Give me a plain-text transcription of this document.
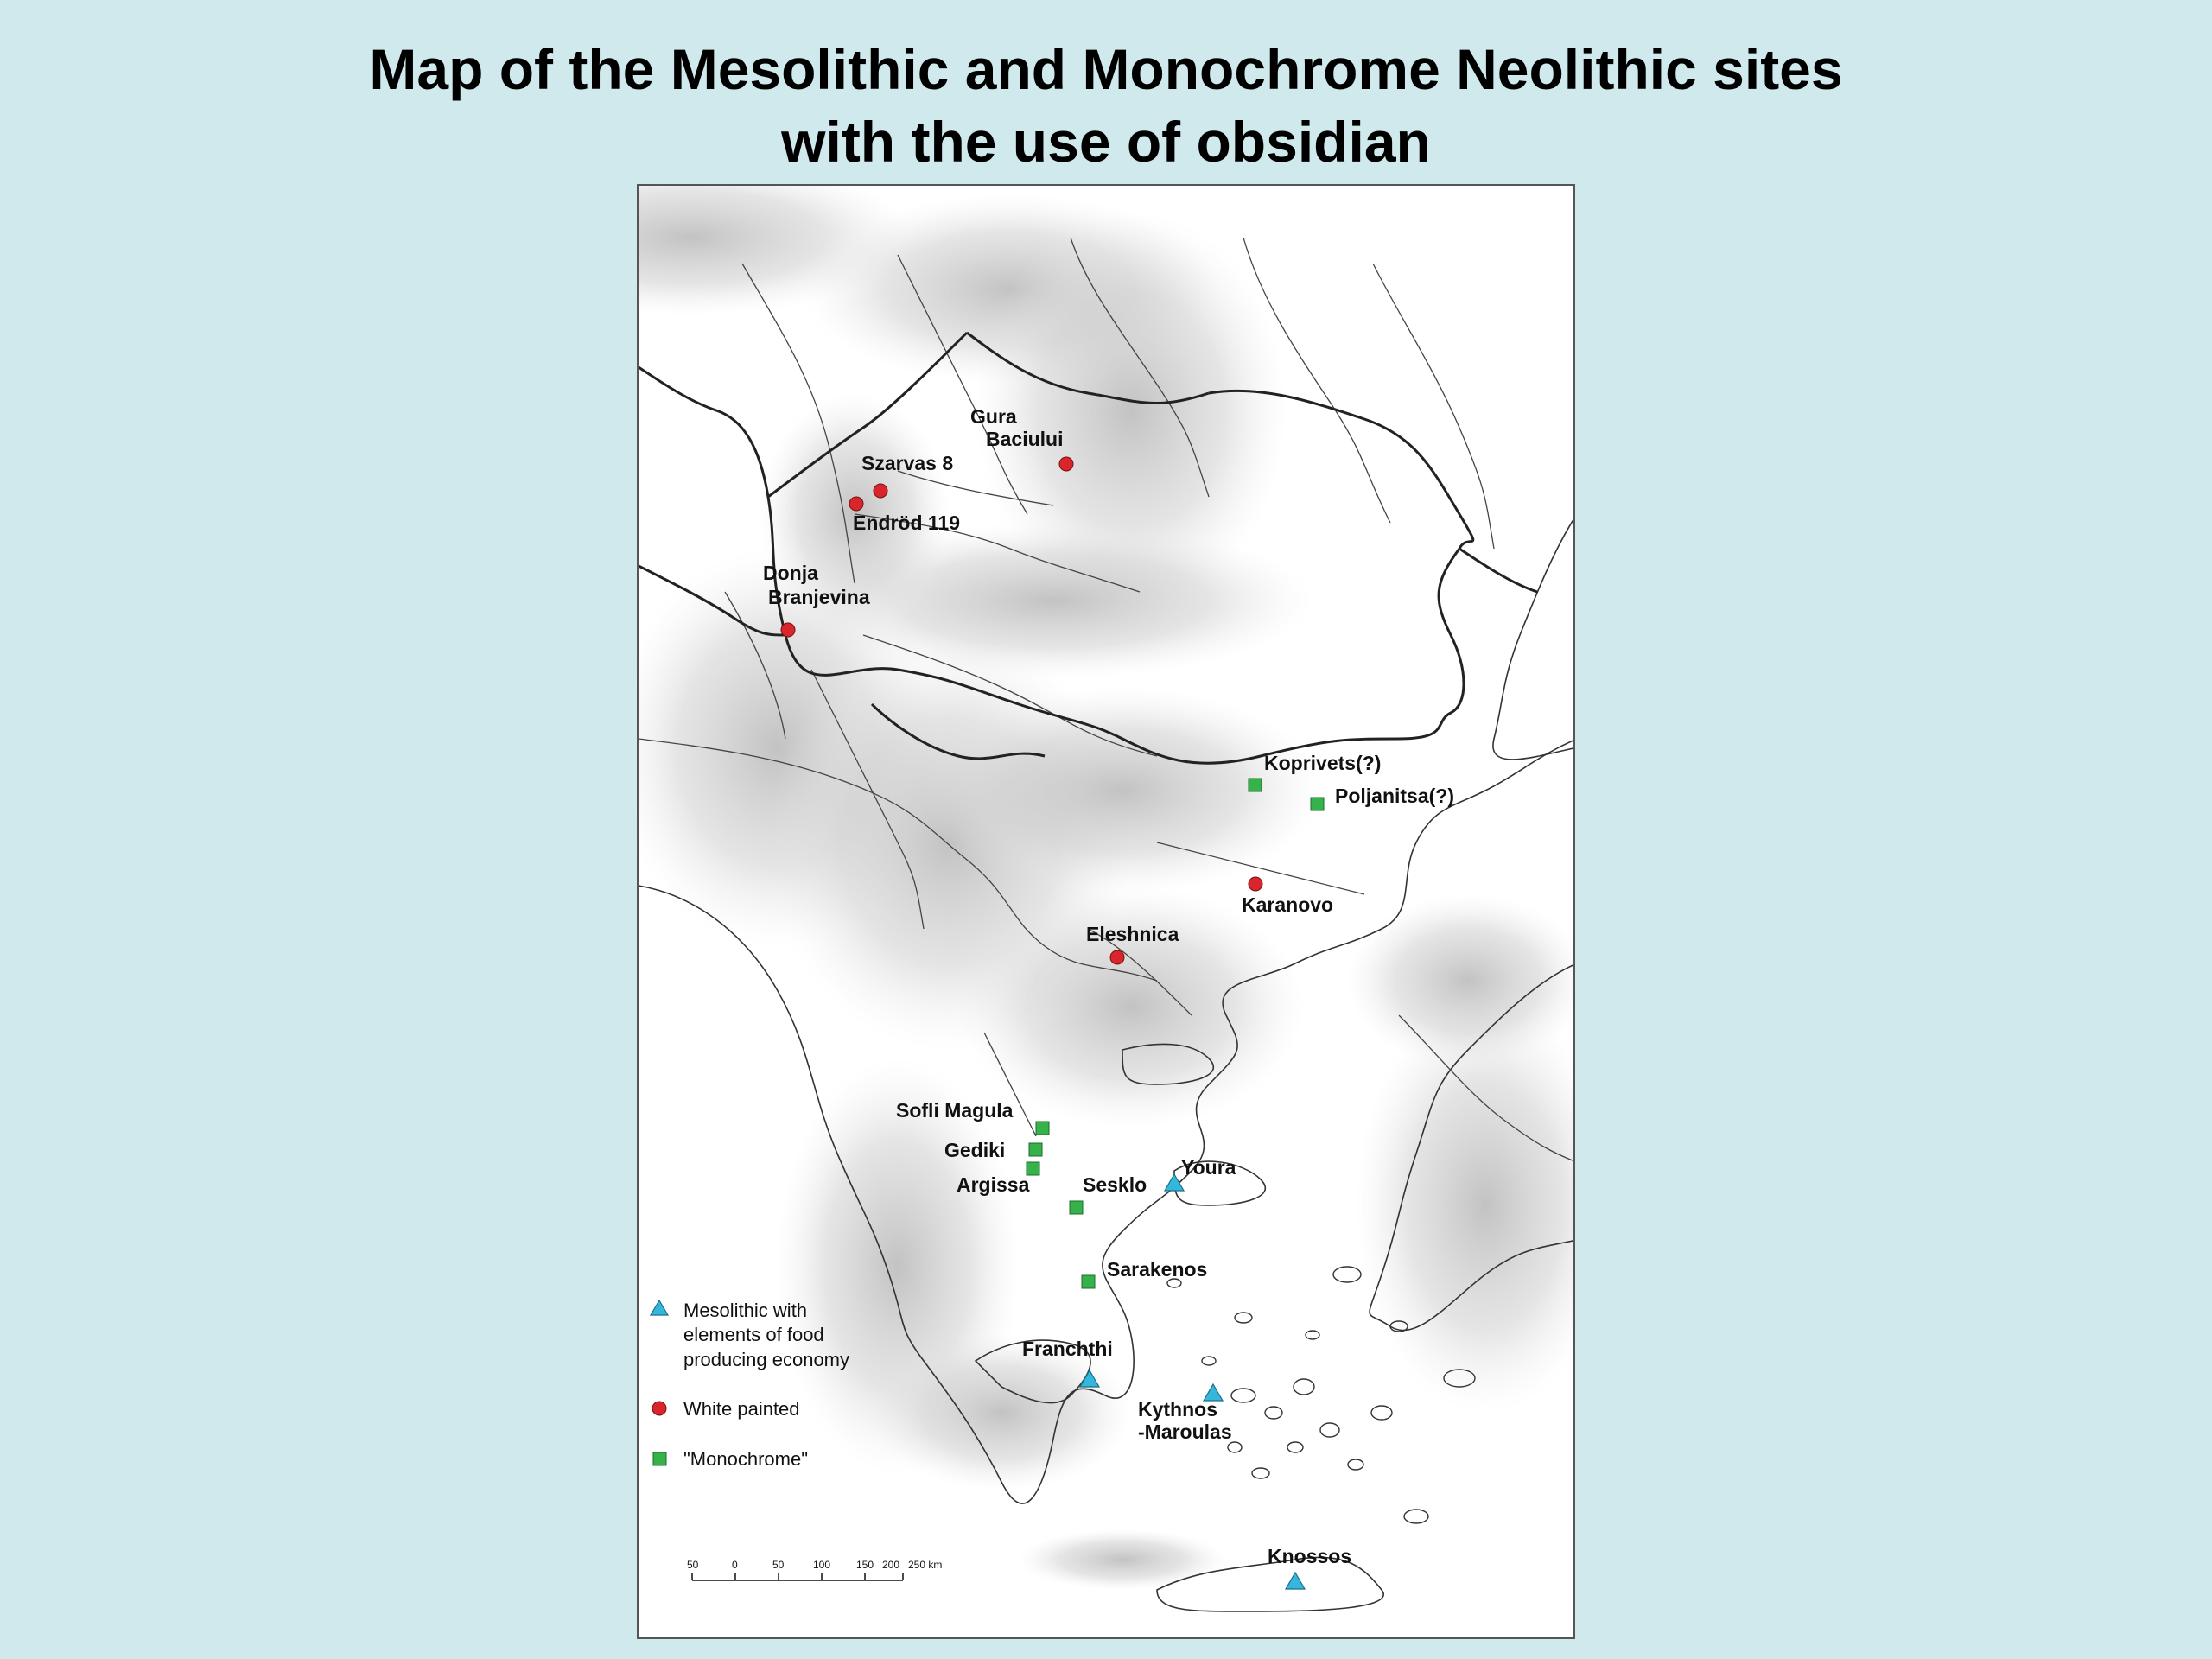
Map of the Mesolithic and Monochrome Neolithic sites
with the use of obsidian
Gura
Baciului
Szarvas 8
Endröd 119
Donja
Branjevina
Koprivets(?)
Poljanitsa(?)
Karanovo
Eleshnica
Sofli Magula
Gediki
Argissa	Sesklo
Youra
Sarakenos
Franchthi
Kythnos
-Maroulas
Knossos
Mesolithic with
elements of food
producing economy
White painted
"Monochrome"
50	0	50	100 150 200 250 km
